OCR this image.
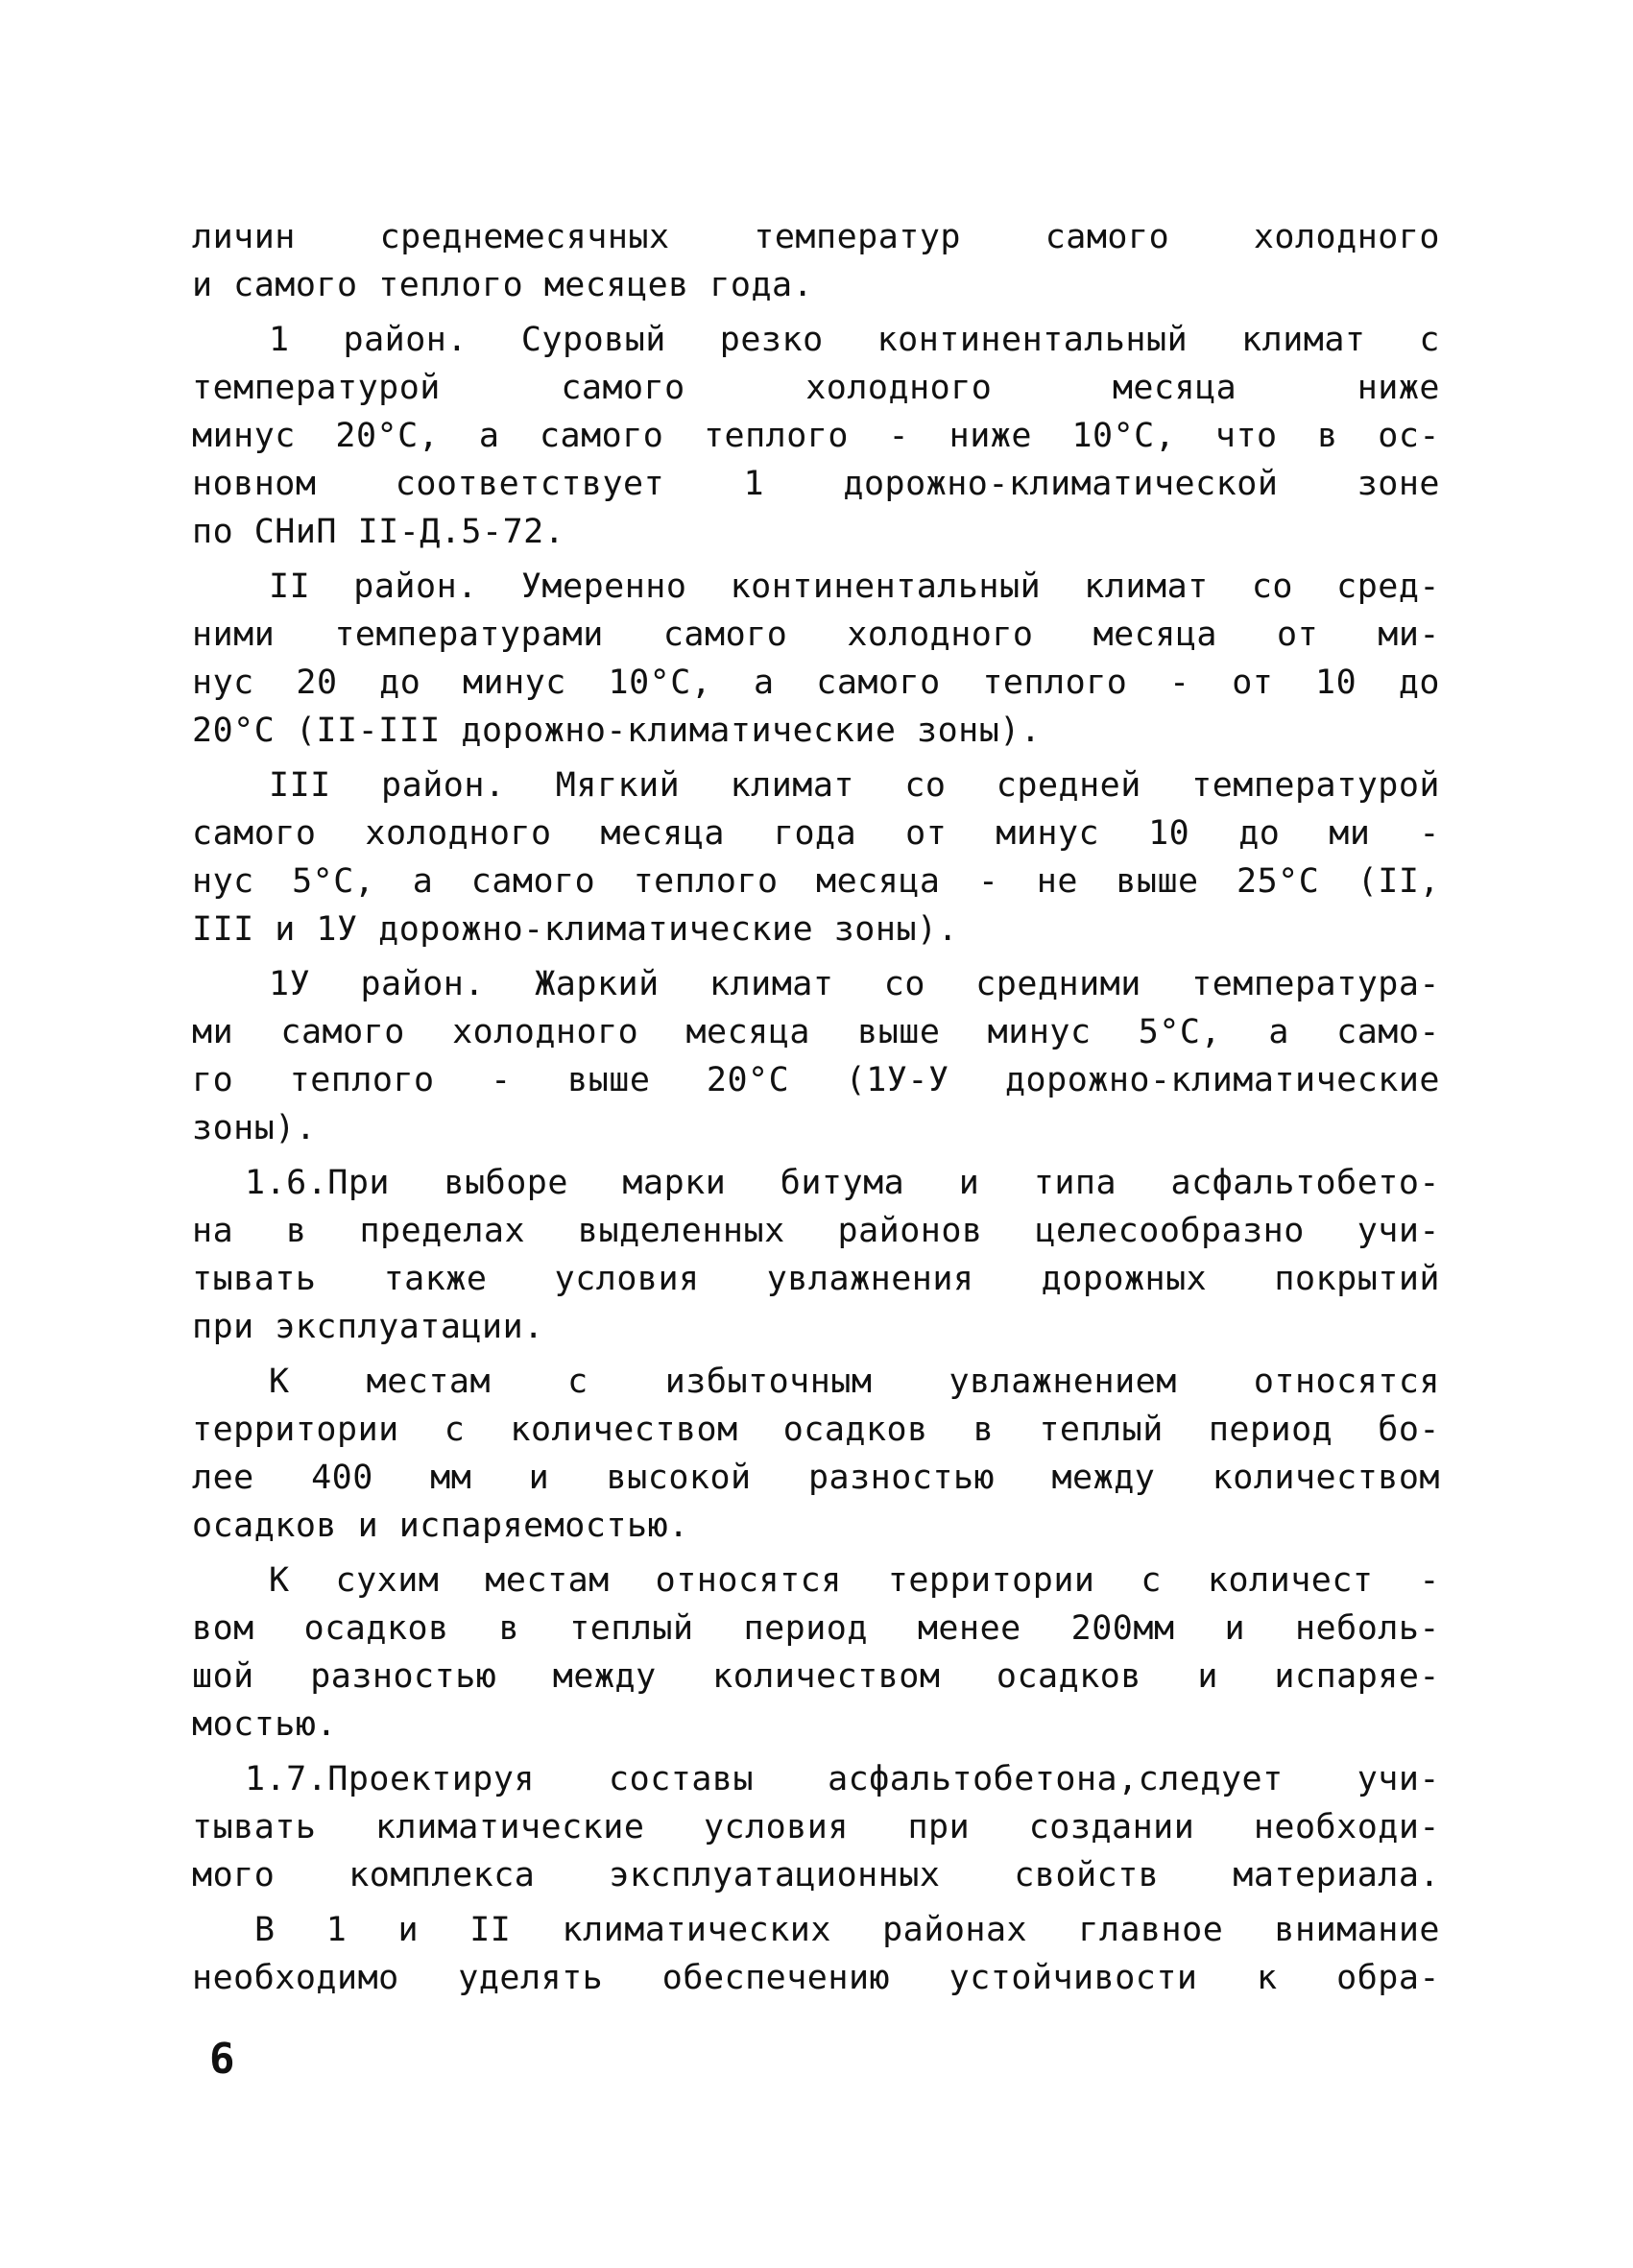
личин среднемесячных температур самого холодного
и самого теплого месяцев года.
1 район. Суровый резко континентальный климат с
температурой самого холодного месяца ниже
минус 20°С, а самого теплого - ниже 10°С, что в ос-
новном соответствует 1 дорожно-климатической зоне
по СНиП II-Д.5-72.
II район. Умеренно континентальный климат со сред-
ними температурами самого холодного месяца от ми-
нус 20 до минус 10°С, а самого теплого - от 10 до
20°С (II-III дорожно-климатические зоны).
III район. Мягкий климат со средней температурой
самого холодного месяца года от минус 10 до ми -
нус 5°С, а самого теплого месяца - не выше 25°С (II,
III и 1У дорожно-климатические зоны).
1У район. Жаркий климат со средними температура-
ми самого холодного месяца выше минус 5°С, а само-
го теплого - выше 20°С (1У-У дорожно-климатические
зоны).
1.6.При выборе марки битума и типа асфальтобето-
на в пределах выделенных районов целесообразно учи-
тывать также условия увлажнения дорожных покрытий
при эксплуатации.
К местам с избыточным увлажнением относятся
территории с количеством осадков в теплый период бо-
лее 400 мм и высокой разностью между количеством
осадков и испаряемостью.
К сухим местам относятся территории с количест -
вом осадков в теплый период менее 200мм и неболь-
шой разностью между количеством осадков и испаряе-
мостью.
1.7.Проектируя составы асфальтобетона,следует учи-
тывать климатические условия при создании необходи-
мого комплекса эксплуатационных свойств материала.
В 1 и II климатических районах главное внимание
необходимо уделять обеспечению устойчивости к обра-
6
